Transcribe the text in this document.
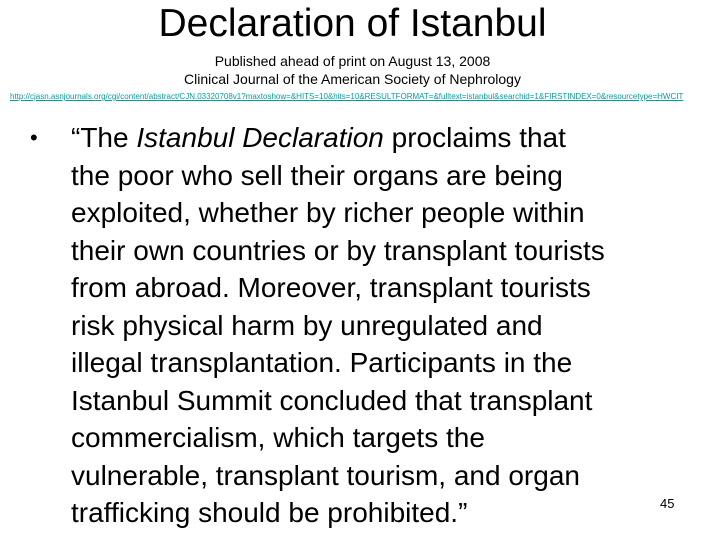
Declaration of Istanbul
Published ahead of print on August 13, 2008
Clinical Journal of the American Society of Nephrology
http://cjasn.asnjournals.org/cgi/content/abstract/CJN.03320708v1?maxtoshow=&HITS=10&hits=10&RESULTFORMAT=&fulltext=istanbul&searchid=1&FIRSTINDEX=0&resourcetype=HWCIT
• “The Istanbul Declaration proclaims that
the poor who sell their organs are being
exploited, whether by richer people within
their own countries or by transplant tourists
from abroad. Moreover, transplant tourists
risk physical harm by unregulated and
illegal transplantation. Participants in the
Istanbul Summit concluded that transplant
commercialism, which targets the
vulnerable, transplant tourism, and organ
trafficking should be prohibited.”	45
